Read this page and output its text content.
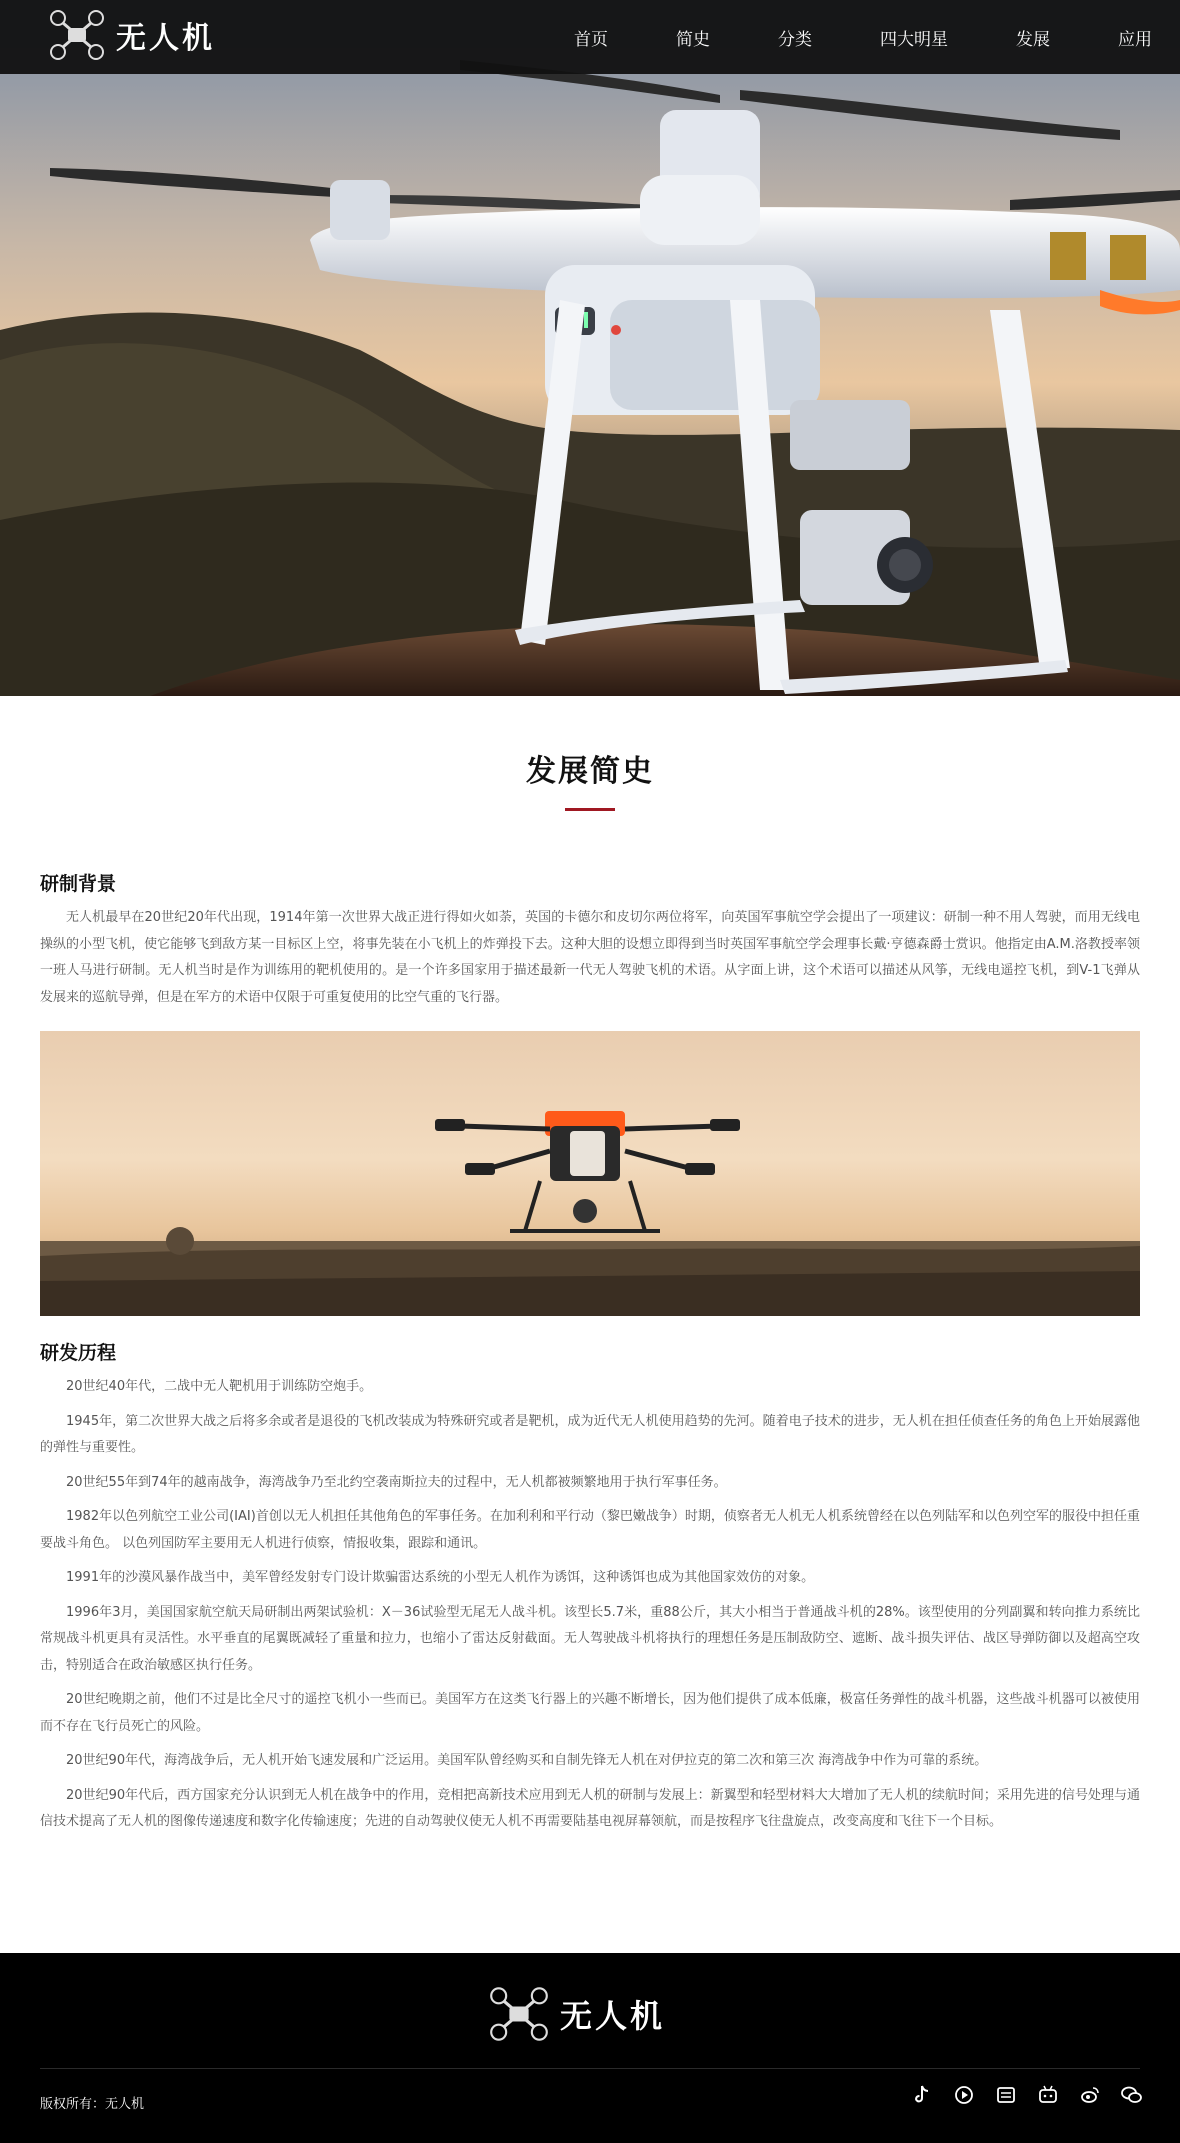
无人机	首页	简史	分类	四大明星	发展	应用
发展简史
研制背景

无人机最早在20世纪20年代出现，1914年第一次世界大战正进行得如火如荼，英国的卡德尔和皮切尔两位将军，向英国军事航空学会提出了一项建议：研制一种不用人驾驶，而用无线电操纵的小型飞机，使它能够飞到敌方某一目标区上空，将事先装在小飞机上的炸弹投下去。这种大胆的设想立即得到当时英国军事航空学会理事长戴·亨德森爵士赏识。他指定由A.M.洛教授率领一班人马进行研制。无人机当时是作为训练用的靶机使用的。是一个许多国家用于描述最新一代无人驾驶飞机的术语。从字面上讲，这个术语可以描述从风筝，无线电遥控飞机，到V-1飞弹从发展来的巡航导弹，但是在军方的术语中仅限于可重复使用的比空气重的飞行器。

研发历程

20世纪40年代，二战中无人靶机用于训练防空炮手。

1945年，第二次世界大战之后将多余或者是退役的飞机改装成为特殊研究或者是靶机，成为近代无人机使用趋势的先河。随着电子技术的进步，无人机在担任侦查任务的角色上开始展露他的弹性与重要性。

20世纪55年到74年的越南战争，海湾战争乃至北约空袭南斯拉夫的过程中，无人机都被频繁地用于执行军事任务。

1982年以色列航空工业公司(IAI)首创以无人机担任其他角色的军事任务。在加利利和平行动（黎巴嫩战争）时期，侦察者无人机无人机系统曾经在以色列陆军和以色列空军的服役中担任重要战斗角色。 以色列国防军主要用无人机进行侦察，情报收集，跟踪和通讯。

1991年的沙漠风暴作战当中，美军曾经发射专门设计欺骗雷达系统的小型无人机作为诱饵，这种诱饵也成为其他国家效仿的对象。

1996年3月，美国国家航空航天局研制出两架试验机：X－36试验型无尾无人战斗机。该型长5.7米，重88公斤，其大小相当于普通战斗机的28%。该型使用的分列副翼和转向推力系统比常规战斗机更具有灵活性。水平垂直的尾翼既减轻了重量和拉力，也缩小了雷达反射截面。无人驾驶战斗机将执行的理想任务是压制敌防空、遮断、战斗损失评估、战区导弹防御以及超高空攻击，特别适合在政治敏感区执行任务。

20世纪晚期之前，他们不过是比全尺寸的遥控飞机小一些而已。美国军方在这类飞行器上的兴趣不断增长，因为他们提供了成本低廉，极富任务弹性的战斗机器，这些战斗机器可以被使用而不存在飞行员死亡的风险。

20世纪90年代，海湾战争后，无人机开始飞速发展和广泛运用。美国军队曾经购买和自制先锋无人机在对伊拉克的第二次和第三次 海湾战争中作为可靠的系统。

20世纪90年代后，西方国家充分认识到无人机在战争中的作用，竞相把高新技术应用到无人机的研制与发展上：新翼型和轻型材料大大增加了无人机的续航时间；采用先进的信号处理与通信技术提高了无人机的图像传递速度和数字化传输速度；先进的自动驾驶仪使无人机不再需要陆基电视屏幕领航，而是按程序飞往盘旋点，改变高度和飞往下一个目标。

无人机
版权所有：无人机
